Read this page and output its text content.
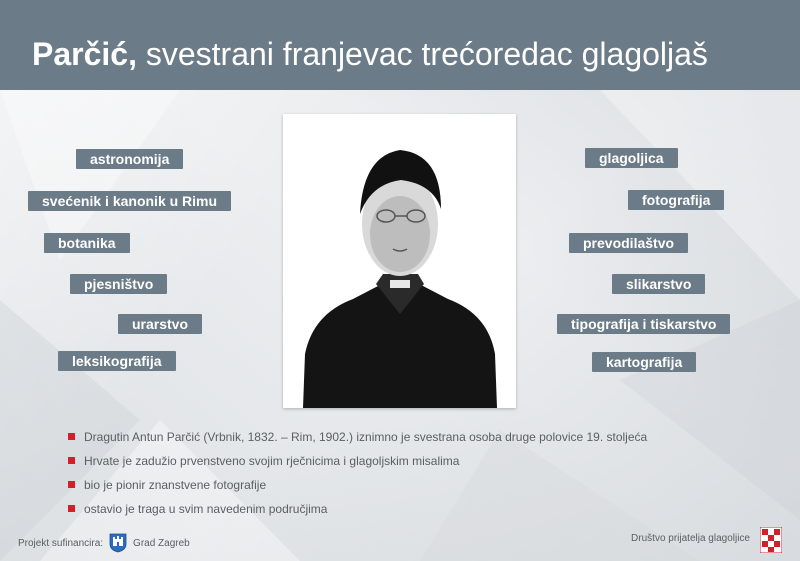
Parčić, svestrani franjevac trećoredac glagoljaš
astronomija
svećenik i kanonik u Rimu
botanika
pjesništvo
urarstvo
leksikografija
glagoljica
fotografija
prevodilaštvo
slikarstvo
tipografija i tiskarstvo
kartografija
Dragutin Antun Parčić (Vrbnik, 1832. – Rim, 1902.) iznimno je svestrana osoba druge polovice 19. stoljeća
Hrvate je zadužio prvenstveno svojim rječnicima i glagoljskim misalima
bio je pionir znanstvene fotografije
ostavio je traga u svim navedenim područjima
Projekt sufinancira:	Grad Zagreb	Društvo prijatelja glagoljice
